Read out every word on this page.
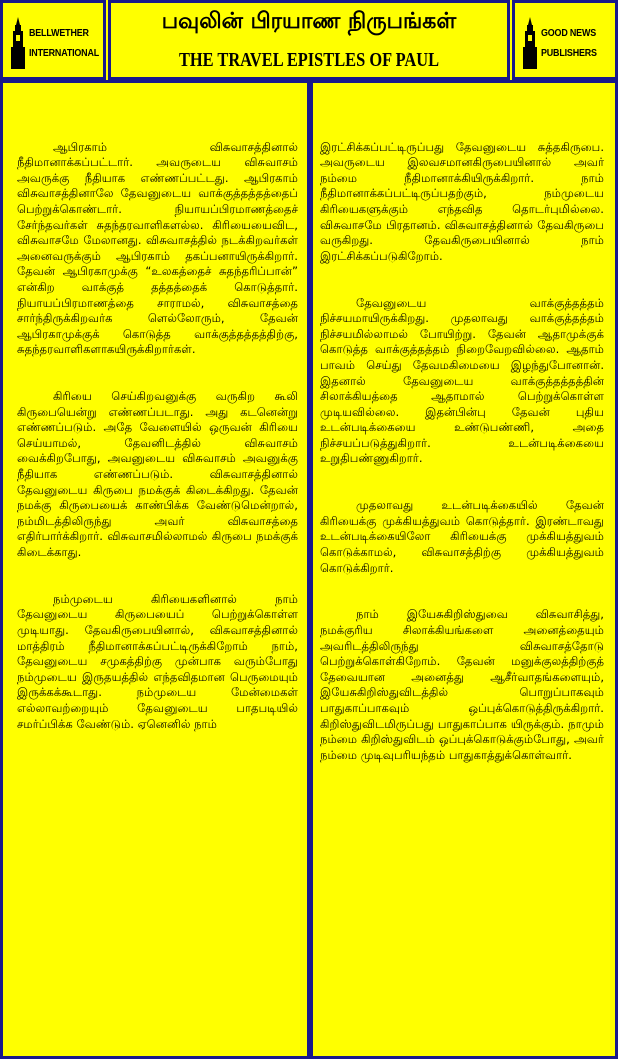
BELLWETHER
INTERNATIONAL
பவுலின் பிரயாண நிருபங்கள்
THE TRAVEL EPISTLES OF PAUL
GOOD NEWS
PUBLISHERS

ஆபிரகாம் விசுவாசத்தினால் நீதிமானாக்கப்பட்டார். அவருடைய விசுவாசம் அவருக்கு நீதியாக எண்ணப்பட்டது. ஆபிரகாம் விசுவாசத்தினாலே தேவனுடைய வாக்குத்தத்தத்தைப் பெற்றுக்கொண்டார். நியாயப்பிரமாணத்தைச் சேர்ந்தவர்கள் சுதந்தரவாளிகளல்ல. கிரியையைவிட, விசுவாசமே மேலானது. விசுவாசத்தில் நடக்கிறவர்கள் அனைவருக்கும் ஆபிரகாம் தகப்பனாயிருக்கிறார். தேவன் ஆபிரகாமுக்கு “உலகத்தைச் சுதந்தரிப்பான்” என்கிற வாக்குத் தத்தத்தைக் கொடுத்தார். நியாயப்பிரமாணத்தை சாராமல், விசுவாசத்தை சார்ந்திருக்கிறவர்க ளெல்லோரும், தேவன் ஆபிரகாமுக்குக் கொடுத்த வாக்குத்தத்தத்திற்கு, சுதந்தரவாளிகளாகயிருக்கிறார்கள்.

கிரியை செய்கிறவனுக்கு வருகிற கூலி கிருபையென்று எண்ணப்படாது. அது கடனென்று எண்ணப்படும். அதே வேளையில் ஒருவன் கிரியை செய்யாமல், தேவனிடத்தில் விசுவாசம் வைக்கிறபோது, அவனுடைய விசுவாசம் அவனுக்கு நீதியாக எண்ணப்படும். விசுவாசத்தினால் தேவனுடைய கிருபை நமக்குக் கிடைக்கிறது. தேவன் நமக்கு கிருபையைக் காண்பிக்க வேண்டுமென்றால், நம்மிடத்திலிருந்து அவர் விசுவாசத்தை எதிர்பார்க்கிறார். விசுவாசமில்லாமல் கிருபை நமக்குக் கிடைக்காது.

நம்முடைய கிரியைகளினால் நாம் தேவனுடைய கிருபையைப் பெற்றுக்கொள்ள முடியாது. தேவகிருபையினால், விசுவாசத்தினால் மாத்திரம் நீதிமானாக்கப்பட்டிருக்கிறோம் நாம், தேவனுடைய சமுகத்திற்கு முன்பாக வரும்போது நம்முடைய இருதயத்தில் எந்தவிதமான பெருமையும் இருக்கக்கூடாது. நம்முடைய மேன்மைகள் எல்லாவற்றையும் தேவனுடைய பாதபடியில் சமர்ப்பிக்க வேண்டும். ஏனெனில் நாம்

இரட்சிக்கப்பட்டிருப்பது தேவனுடைய சுத்தகிருபை. அவருடைய இலவசமானகிருபையினால் அவர் நம்மை நீதிமானாக்கியிருக்கிறார். நாம் நீதிமானாக்கப்பட்டிருப்பதற்கும், நம்முடைய கிரியைகளுக்கும் எந்தவித தொடர்புமில்லை. விசுவாசமே பிரதானம். விசுவாசத்தினால் தேவகிருபை வருகிறது. தேவகிருபையினால் நாம் இரட்சிக்கப்படுகிறோம்.

தேவனுடைய வாக்குத்தத்தம் நிச்சயமாயிருக்கிறது. முதலாவது வாக்குத்தத்தம் நிச்சயமில்லாமல் போயிற்று. தேவன் ஆதாமுக்குக் கொடுத்த வாக்குத்தத்தம் நிறைவேறவில்லை. ஆதாம் பாவம் செய்து தேவமகிமையை இழந்துபோனான். இதனால் தேவனுடைய வாக்குத்தத்தத்தின் சிலாக்கியத்தை ஆதாமால் பெற்றுக்கொள்ள முடியவில்லை. இதன்பின்பு தேவன் புதிய உடன்படிக்கையை உண்டுபண்ணி, அதை நிச்சயப்படுத்துகிறார். உடன்படிக்கையை உறுதிபண்ணுகிறார்.

முதலாவது உடன்படிக்கையில் தேவன் கிரியைக்கு முக்கியத்துவம் கொடுத்தார். இரண்டாவது உடன்படிக்கையிலோ கிரியைக்கு முக்கியத்துவம் கொடுக்காமல், விசுவாசத்திற்கு முக்கியத்துவம் கொடுக்கிறார்.

நாம் இயேசுகிறிஸ்துவை விசுவாசித்து, நமக்குரிய சிலாக்கியங்களை அனைத்தையும் அவரிடத்திலிருந்து விசுவாசத்தோடு பெற்றுக்கொள்கிறோம். தேவன் மனுக்குலத்திற்குத் தேவையான அனைத்து ஆசீர்வாதங்களையும், இயேசுகிறிஸ்துவிடத்தில் பொறுப்பாகவும் பாதுகாப்பாகவும் ஒப்புக்கொடுத்திருக்கிறார். கிறிஸ்துவிடமிருப்பது பாதுகாப்பாக யிருக்கும். நாமும் நம்மை கிறிஸ்துவிடம் ஒப்புக்கொடுக்கும்போது, அவர் நம்மை முடிவுபரியந்தம் பாதுகாத்துக்கொள்வார்.
